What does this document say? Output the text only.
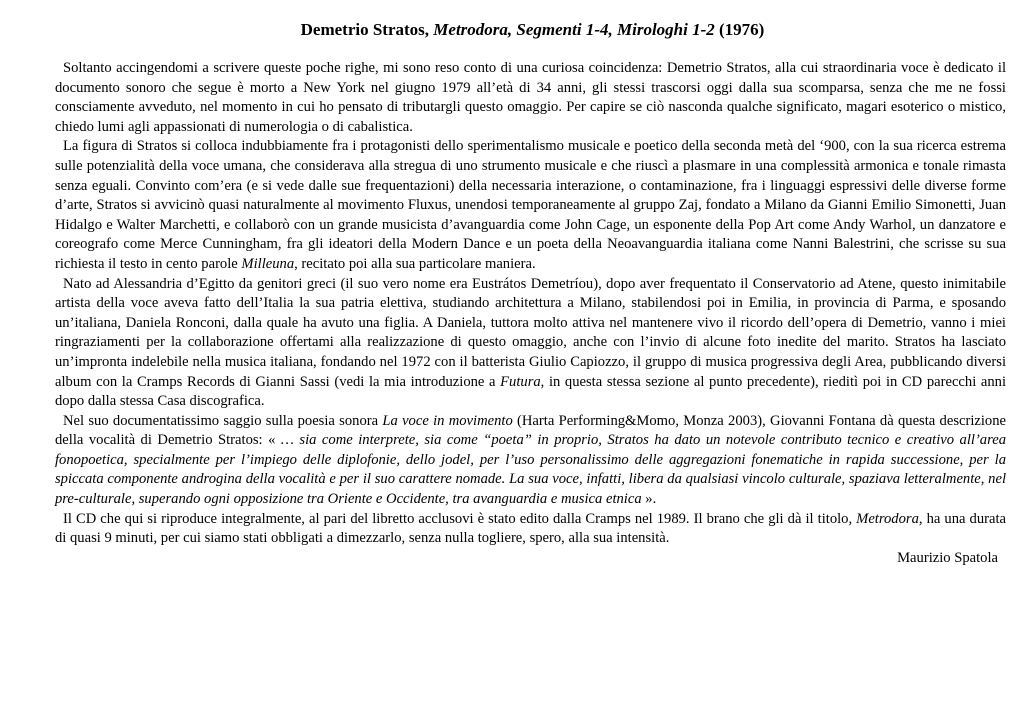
Demetrio Stratos, Metrodora, Segmenti 1-4, Mirologhi 1-2 (1976)

Soltanto accingendomi a scrivere queste poche righe, mi sono reso conto di una curiosa coincidenza: Demetrio Stratos, alla cui straordinaria voce è dedicato il documento sonoro che segue è morto a New York nel giugno 1979 all’età di 34 anni, gli stessi trascorsi oggi dalla sua scomparsa, senza che me ne fossi consciamente avveduto, nel momento in cui ho pensato di tributargli questo omaggio. Per capire se ciò nasconda qualche significato, magari esoterico o mistico, chiedo lumi agli appassionati di numerologia o di cabalistica.

La figura di Stratos si colloca indubbiamente fra i protagonisti dello sperimentalismo musicale e poetico della seconda metà del ‘900, con la sua ricerca estrema sulle potenzialità della voce umana, che considerava alla stregua di uno strumento musicale e che riuscì a plasmare in una complessità armonica e tonale rimasta senza eguali. Convinto com’era (e si vede dalle sue frequentazioni) della necessaria interazione, o contaminazione, fra i linguaggi espressivi delle diverse forme d’arte, Stratos si avvicinò quasi naturalmente al movimento Fluxus, unendosi temporaneamente al gruppo Zaj, fondato a Milano da Gianni Emilio Simonetti, Juan Hidalgo e Walter Marchetti, e collaborò con un grande musicista d’avanguardia come John Cage, un esponente della Pop Art come Andy Warhol, un danzatore e coreografo come Merce Cunningham, fra gli ideatori della Modern Dance e un poeta della Neoavanguardia italiana come Nanni Balestrini, che scrisse su sua richiesta il testo in cento parole Milleuna, recitato poi alla sua particolare maniera.

Nato ad Alessandria d’Egitto da genitori greci (il suo vero nome era Eustrátos Demetríou), dopo aver frequentato il Conservatorio ad Atene, questo inimitabile artista della voce aveva fatto dell’Italia la sua patria elettiva, studiando architettura a Milano, stabilendosi poi in Emilia, in provincia di Parma, e sposando un’italiana, Daniela Ronconi, dalla quale ha avuto una figlia. A Daniela, tuttora molto attiva nel mantenere vivo il ricordo dell’opera di Demetrio, vanno i miei ringraziamenti per la collaborazione offertami alla realizzazione di questo omaggio, anche con l’invio di alcune foto inedite del marito. Stratos ha lasciato un’impronta indelebile nella musica italiana, fondando nel 1972 con il batterista Giulio Capiozzo, il gruppo di musica progressiva degli Area, pubblicando diversi album con la Cramps Records di Gianni Sassi (vedi la mia introduzione a Futura, in questa stessa sezione al punto precedente), rieditì poi in CD parecchi anni dopo dalla stessa Casa discografica.

Nel suo documentatissimo saggio sulla poesia sonora La voce in movimento (Harta Performing&Momo, Monza 2003), Giovanni Fontana dà questa descrizione della vocalità di Demetrio Stratos: « … sia come interprete, sia come “poeta” in proprio, Stratos ha dato un notevole contributo tecnico e creativo all’area fonopoetica, specialmente per l’impiego delle diplofonie, dello jodel, per l’uso personalissimo delle aggregazioni fonematiche in rapida successione, per la spiccata componente androgina della vocalità e per il suo carattere nomade. La sua voce, infatti, libera da qualsiasi vincolo culturale, spaziava letteralmente, nel pre-culturale, superando ogni opposizione tra Oriente e Occidente, tra avanguardia e musica etnica ».

Il CD che qui si riproduce integralmente, al pari del libretto acclusovi è stato edito dalla Cramps nel 1989. Il brano che gli dà il titolo, Metrodora, ha una durata di quasi 9 minuti, per cui siamo stati obbligati a dimezzarlo, senza nulla togliere, spero, alla sua intensità.

Maurizio Spatola
